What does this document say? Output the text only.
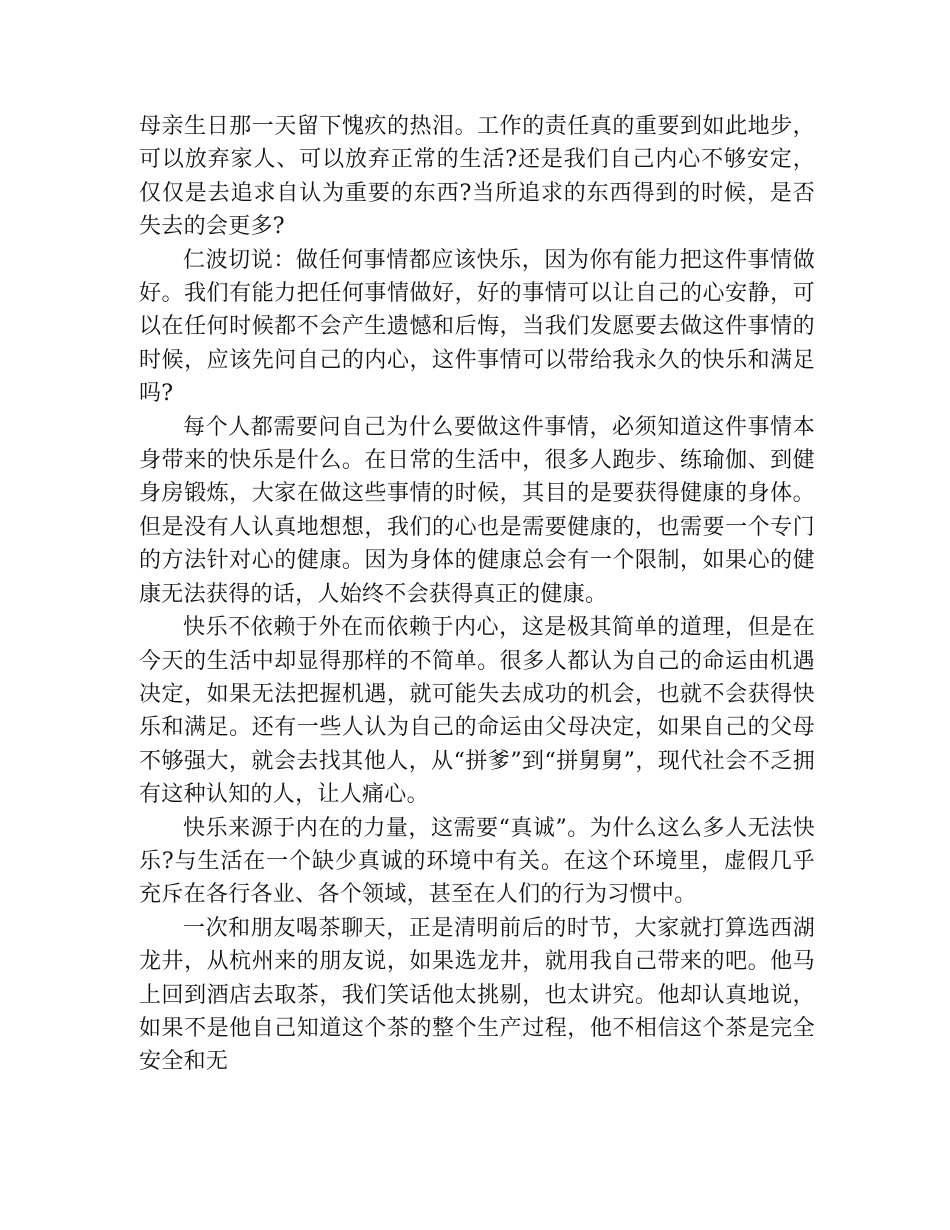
母亲生日那一天留下愧疚的热泪。工作的责任真的重要到如此地步，可以放弃家人、可以放弃正常的生活?还是我们自己内心不够安定，仅仅是去追求自认为重要的东西?当所追求的东西得到的时候，是否失去的会更多?

仁波切说：做任何事情都应该快乐，因为你有能力把这件事情做好。我们有能力把任何事情做好，好的事情可以让自己的心安静，可以在任何时候都不会产生遗憾和后悔，当我们发愿要去做这件事情的时候，应该先问自己的内心，这件事情可以带给我永久的快乐和满足吗?

每个人都需要问自己为什么要做这件事情，必须知道这件事情本身带来的快乐是什么。在日常的生活中，很多人跑步、练瑜伽、到健身房锻炼，大家在做这些事情的时候，其目的是要获得健康的身体。但是没有人认真地想想，我们的心也是需要健康的，也需要一个专门的方法针对心的健康。因为身体的健康总会有一个限制，如果心的健康无法获得的话，人始终不会获得真正的健康。

快乐不依赖于外在而依赖于内心，这是极其简单的道理，但是在今天的生活中却显得那样的不简单。很多人都认为自己的命运由机遇决定，如果无法把握机遇，就可能失去成功的机会，也就不会获得快乐和满足。还有一些人认为自己的命运由父母决定，如果自己的父母不够强大，就会去找其他人，从“拼爹”到“拼舅舅”，现代社会不乏拥有这种认知的人，让人痛心。

快乐来源于内在的力量，这需要“真诚”。为什么这么多人无法快乐?与生活在一个缺少真诚的环境中有关。在这个环境里，虚假几乎充斥在各行各业、各个领域，甚至在人们的行为习惯中。

一次和朋友喝茶聊天，正是清明前后的时节，大家就打算选西湖龙井，从杭州来的朋友说，如果选龙井，就用我自己带来的吧。他马上回到酒店去取茶，我们笑话他太挑剔，也太讲究。他却认真地说，如果不是他自己知道这个茶的整个生产过程，他不相信这个茶是完全安全和无
